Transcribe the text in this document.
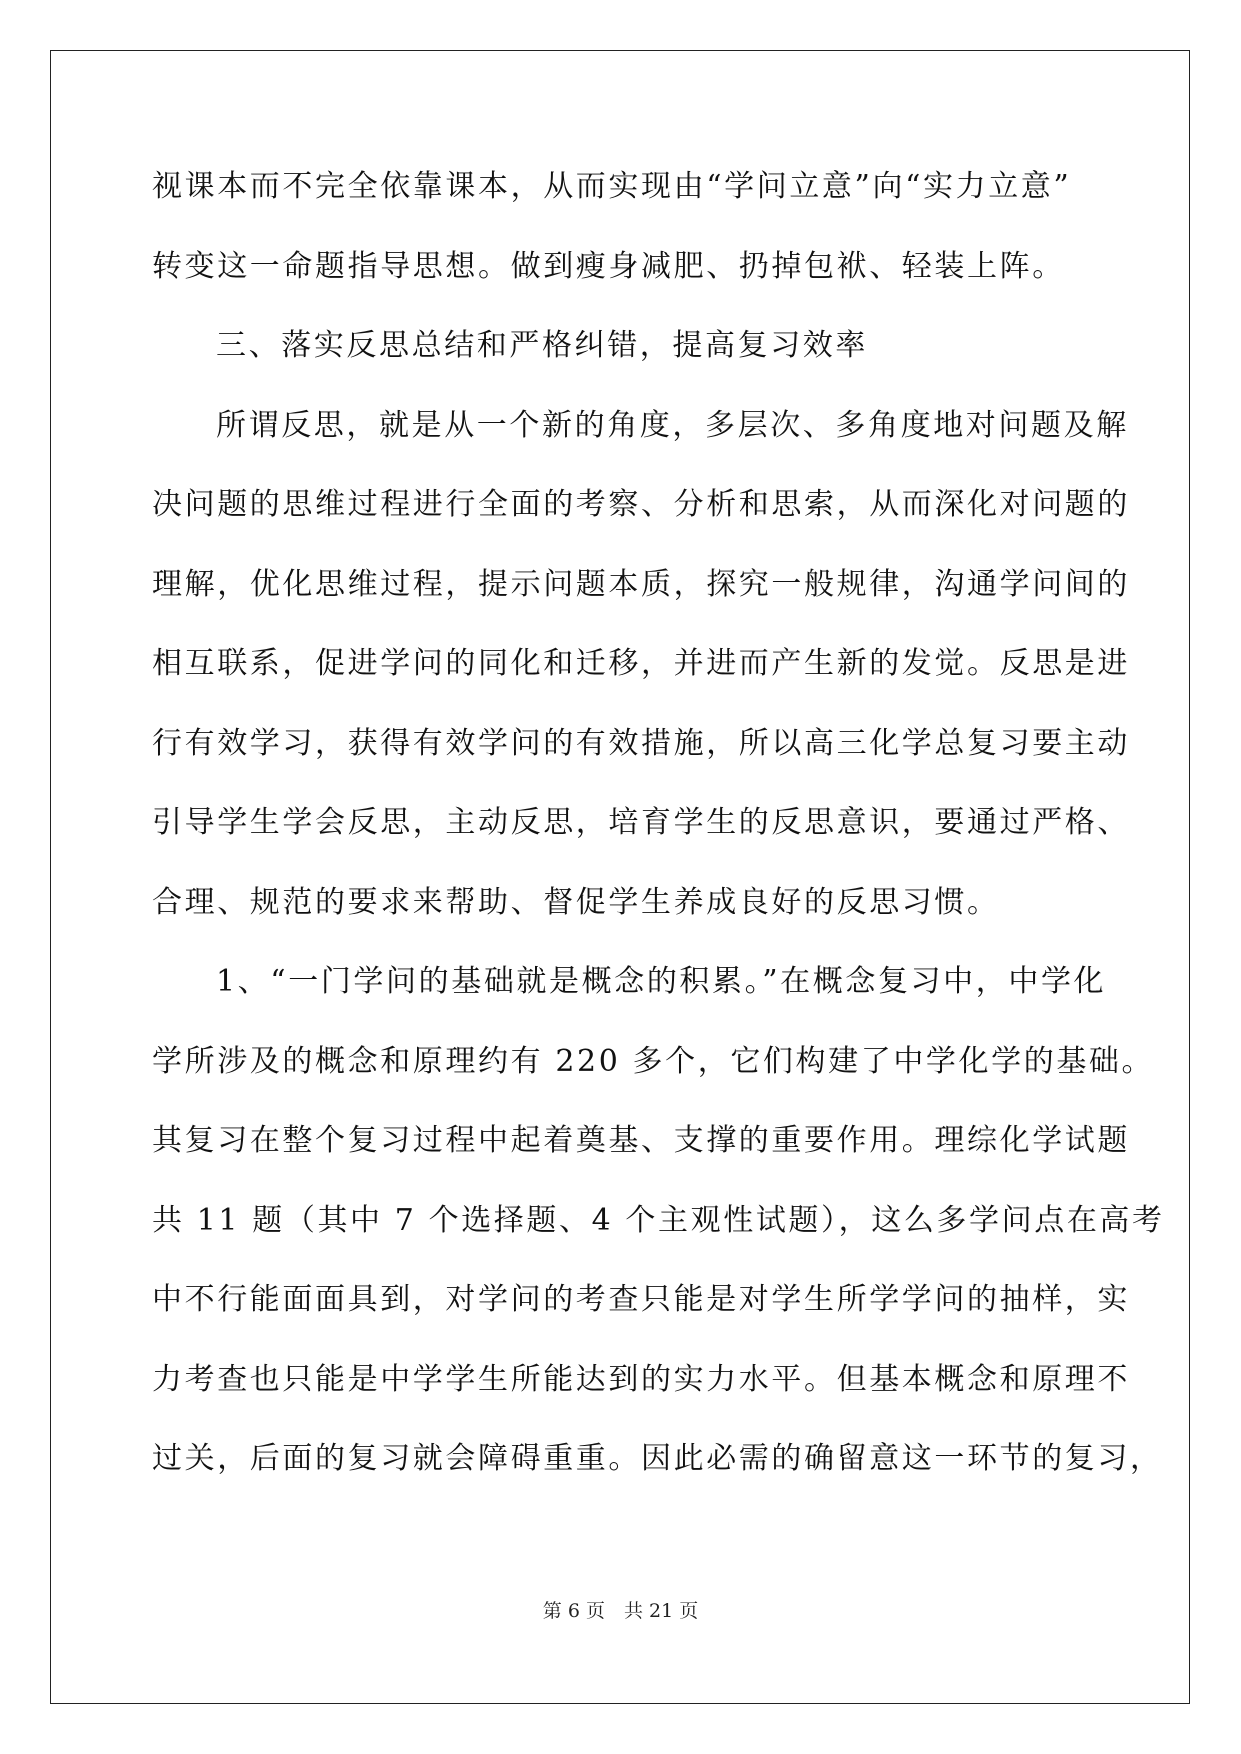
视课本而不完全依靠课本，从而实现由“学问立意”向“实力立意”
转变这一命题指导思想。做到瘦身减肥、扔掉包袱、轻装上阵。
三、落实反思总结和严格纠错，提高复习效率
所谓反思，就是从一个新的角度，多层次、多角度地对问题及解
决问题的思维过程进行全面的考察、分析和思索，从而深化对问题的
理解，优化思维过程，提示问题本质，探究一般规律，沟通学问间的
相互联系，促进学问的同化和迁移，并进而产生新的发觉。反思是进
行有效学习，获得有效学问的有效措施，所以高三化学总复习要主动
引导学生学会反思，主动反思，培育学生的反思意识，要通过严格、
合理、规范的要求来帮助、督促学生养成良好的反思习惯。
1、“一门学问的基础就是概念的积累。”在概念复习中，中学化
学所涉及的概念和原理约有 220 多个，它们构建了中学化学的基础。
其复习在整个复习过程中起着奠基、支撑的重要作用。理综化学试题
共 11 题（其中 7 个选择题、4 个主观性试题），这么多学问点在高考
中不行能面面具到，对学问的考查只能是对学生所学学问的抽样，实
力考查也只能是中学学生所能达到的实力水平。但基本概念和原理不
过关，后面的复习就会障碍重重。因此必需的确留意这一环节的复习，
第 6 页　共 21 页
